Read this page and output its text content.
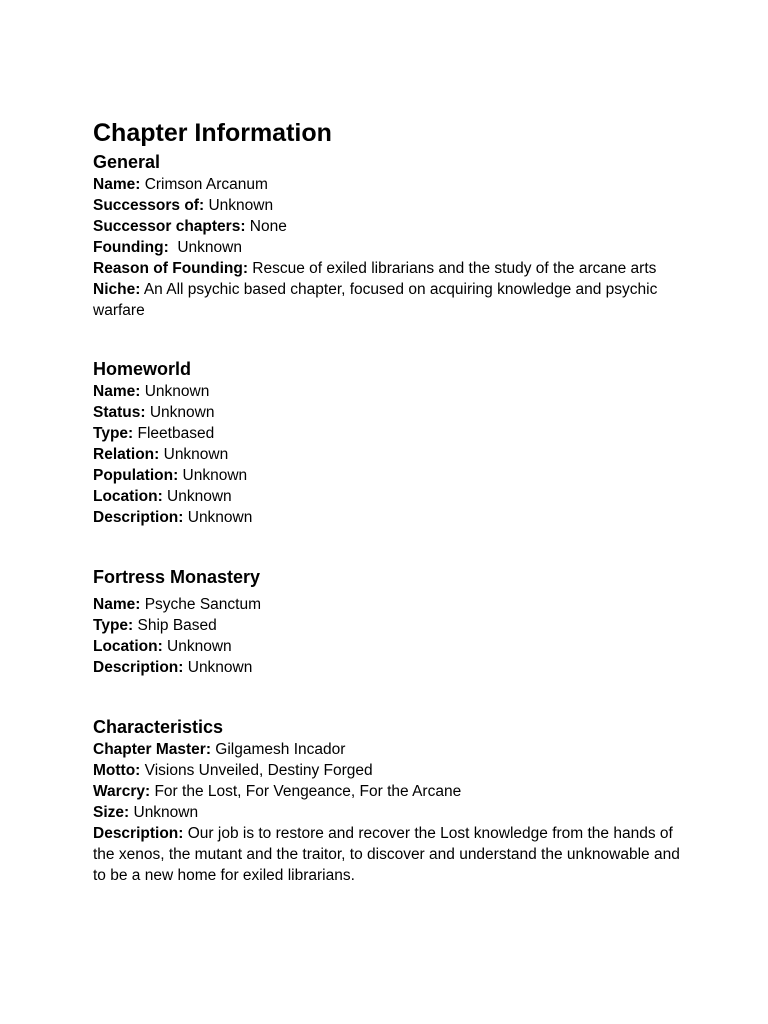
Chapter Information
General

Name: Crimson Arcanum

Successors of: Unknown

Successor chapters: None

Founding:  Unknown

Reason of Founding: Rescue of exiled librarians and the study of the arcane arts

Niche: An All psychic based chapter, focused on acquiring knowledge and psychic warfare

Homeworld

Name: Unknown

Status: Unknown

Type: Fleetbased

Relation: Unknown

Population: Unknown

Location: Unknown

Description: Unknown

Fortress Monastery

Name: Psyche Sanctum

Type: Ship Based

Location: Unknown

Description: Unknown

Characteristics

Chapter Master: Gilgamesh Incador

Motto: Visions Unveiled, Destiny Forged

Warcry: For the Lost, For Vengeance, For the Arcane

Size: Unknown

Description: Our job is to restore and recover the Lost knowledge from the hands of the xenos, the mutant and the traitor, to discover and understand the unknowable and to be a new home for exiled librarians.
